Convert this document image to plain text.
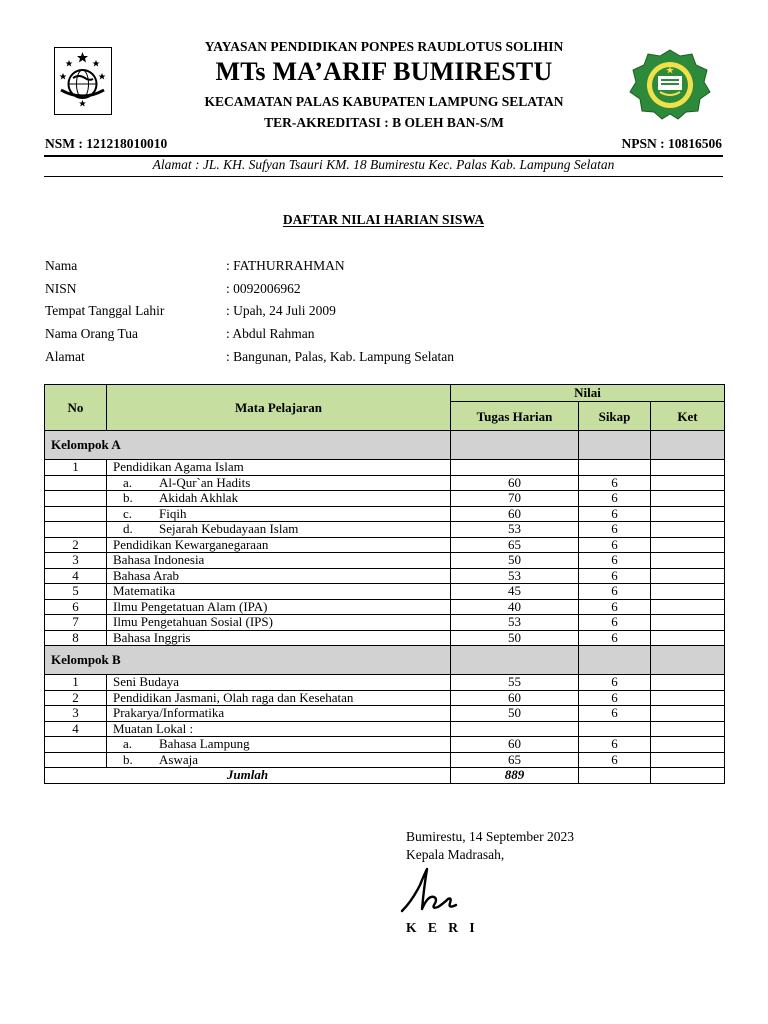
YAYASAN PENDIDIKAN PONPES RAUDLOTUS SOLIHIN
MTs MA’ARIF BUMIRESTU
KECAMATAN PALAS KABUPATEN LAMPUNG SELATAN
TER-AKREDITASI : B OLEH BAN-S/M
NSM : 121218010010	NPSN : 10816506
Alamat : JL. KH. Sufyan Tsauri KM. 18 Bumirestu Kec. Palas Kab. Lampung Selatan
DAFTAR NILAI HARIAN SISWA
Nama	: FATHURRAHMAN
NISN	: 0092006962
Tempat Tanggal Lahir	: Upah, 24 Juli 2009
Nama Orang Tua	: Abdul Rahman
Alamat	: Bangunan, Palas, Kab. Lampung Selatan
No	Mata Pelajaran	Nilai		
		Tugas Harian	Sikap	Ket
Kelompok A				
1	Pendidikan Agama Islam			
	a. Al-Qur`an Hadits	60	6	
	b. Akidah Akhlak	70	6	
	c. Fiqih	60	6	
	d. Sejarah Kebudayaan Islam	53	6	
2	Pendidikan Kewarganegaraan	65	6	
3	Bahasa Indonesia	50	6	
4	Bahasa Arab	53	6	
5	Matematika	45	6	
6	Ilmu Pengetatuan Alam (IPA)	40	6	
7	Ilmu Pengetahuan Sosial (IPS)	53	6	
8	Bahasa Inggris	50	6	
Kelompok B				
1	Seni Budaya	55	6	
2	Pendidikan Jasmani, Olah raga dan Kesehatan	60	6	
3	Prakarya/Informatika	50	6	
4	Muatan Lokal :			
	a. Bahasa Lampung	60	6	
	b. Aswaja	65	6	
Jumlah		889		
Bumirestu, 14 September 2023
Kepala Madrasah,
K E R I
